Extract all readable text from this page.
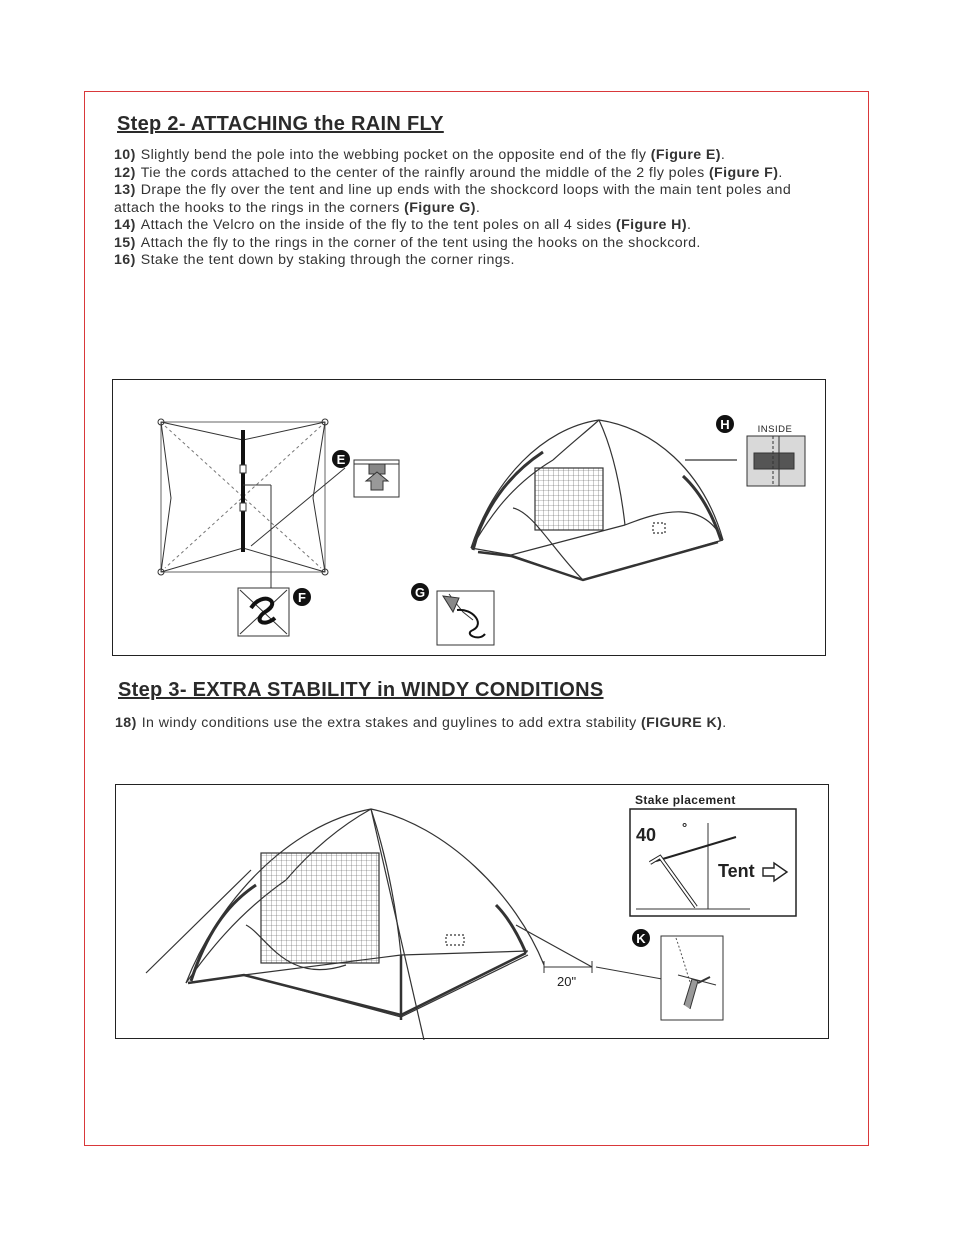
Step 2- ATTACHING the RAIN FLY

10) Slightly bend the pole into the webbing pocket on the opposite end of the fly (Figure E).

12) Tie the cords attached to the center of the rainfly around the middle of the 2 fly poles (Figure F).

13) Drape the fly over the tent and line up ends with the shockcord loops with the main tent poles and attach the hooks to the rings in the corners (Figure G).

14) Attach the Velcro on the inside of the fly to the tent poles on all 4 sides (Figure H).

15) Attach the fly to the rings in the corner of the tent using the hooks on the shockcord.

16) Stake the tent down by staking through the corner rings.

E
F	G
INSIDE
H
Step 3- EXTRA STABILITY in WINDY CONDITIONS
18) In windy conditions use the extra stakes and guylines to add extra stability (FIGURE K).
20"
Stake placement
40 °
Tent
K
